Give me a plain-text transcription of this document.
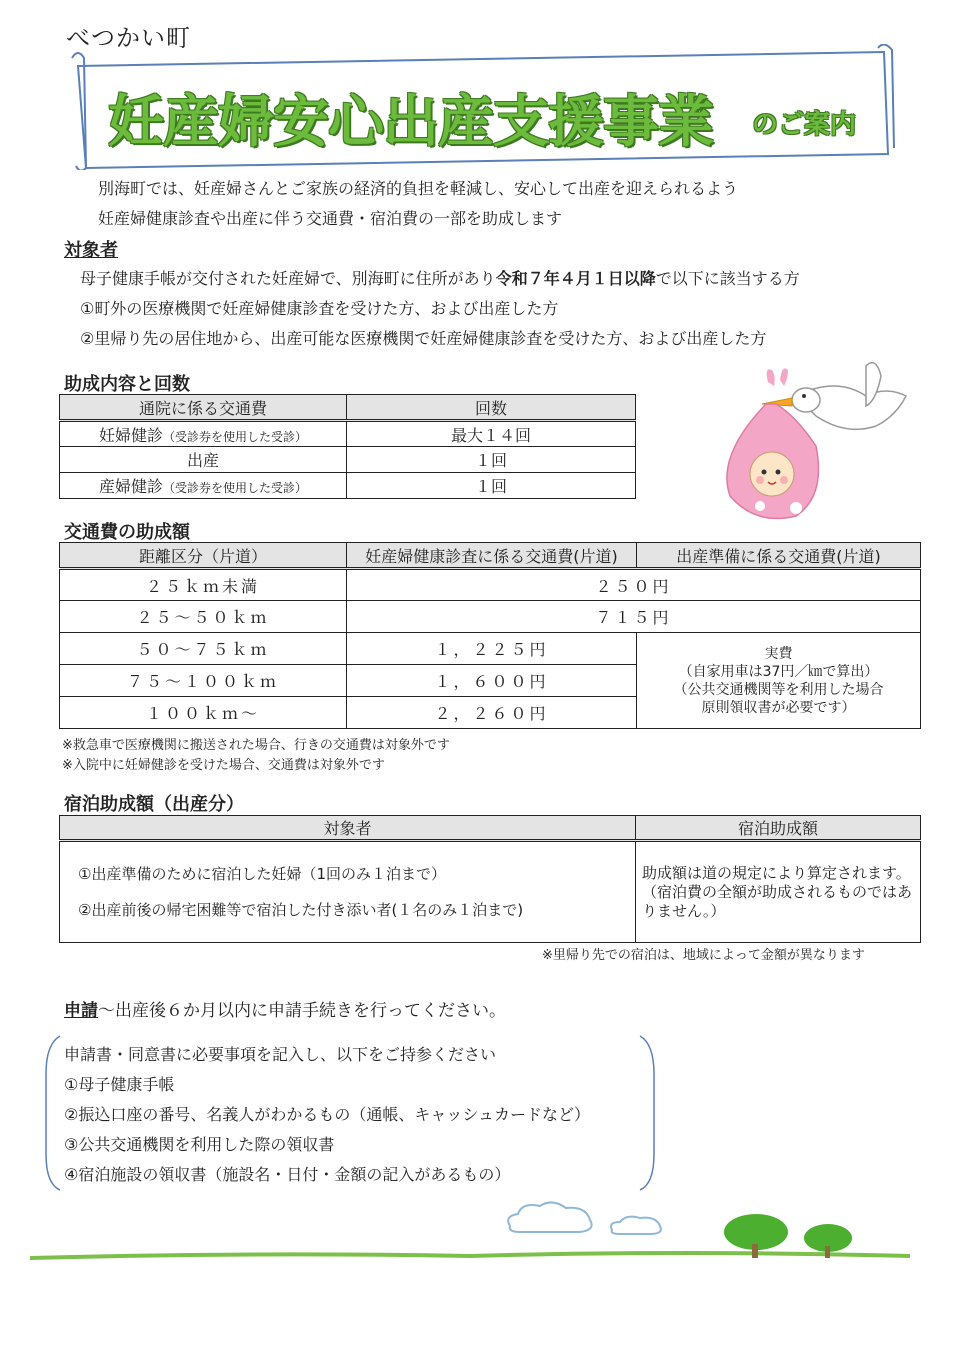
べつかい町
妊産婦安心出産支援事業 のご案内
別海町では、妊産婦さんとご家族の経済的負担を軽減し、安心して出産を迎えられるよう
妊産婦健康診査や出産に伴う交通費・宿泊費の一部を助成します
対象者
母子健康手帳が交付された妊産婦で、別海町に住所があり令和７年４月１日以降で以下に該当する方
①町外の医療機関で妊産婦健康診査を受けた方、および出産した方
②里帰り先の居住地から、出産可能な医療機関で妊産婦健康診査を受けた方、および出産した方
助成内容と回数
通院に係る交通費	回数
妊婦健診（受診券を使用した受診）	最大１４回
出産	１回
産婦健診（受診券を使用した受診）	１回
交通費の助成額
距離区分（片道）	妊産婦健康診査に係る交通費(片道)	出産準備に係る交通費(片道)
２５ｋｍ未満	２５０円	
２５～５０ｋｍ	７１５円	
５０～７５ｋｍ	１，２２５円	実費
（自家用車は37円／㎞で算出）
（公共交通機関等を利用した場合
原則領収書が必要です）

７５～１００ｋｍ	１，６００円	
１００ｋｍ～	２，２６０円	
※救急車で医療機関に搬送された場合、行きの交通費は対象外です
※入院中に妊婦健診を受けた場合、交通費は対象外です
宿泊助成額（出産分）
対象者	宿泊助成額

①出産準備のために宿泊した妊婦（1回のみ１泊まで）
②出産前後の帰宅困難等で宿泊した付き添い者(１名のみ１泊まで)	助成額は道の規定により算定されます。（宿泊費の全額が助成されるものではありません。）
※里帰り先での宿泊は、地域によって金額が異なります
申請～出産後６か月以内に申請手続きを行ってください。
申請書・同意書に必要事項を記入し、以下をご持参ください
①母子健康手帳
②振込口座の番号、名義人がわかるもの（通帳、キャッシュカードなど）
③公共交通機関を利用した際の領収書
④宿泊施設の領収書（施設名・日付・金額の記入があるもの）
